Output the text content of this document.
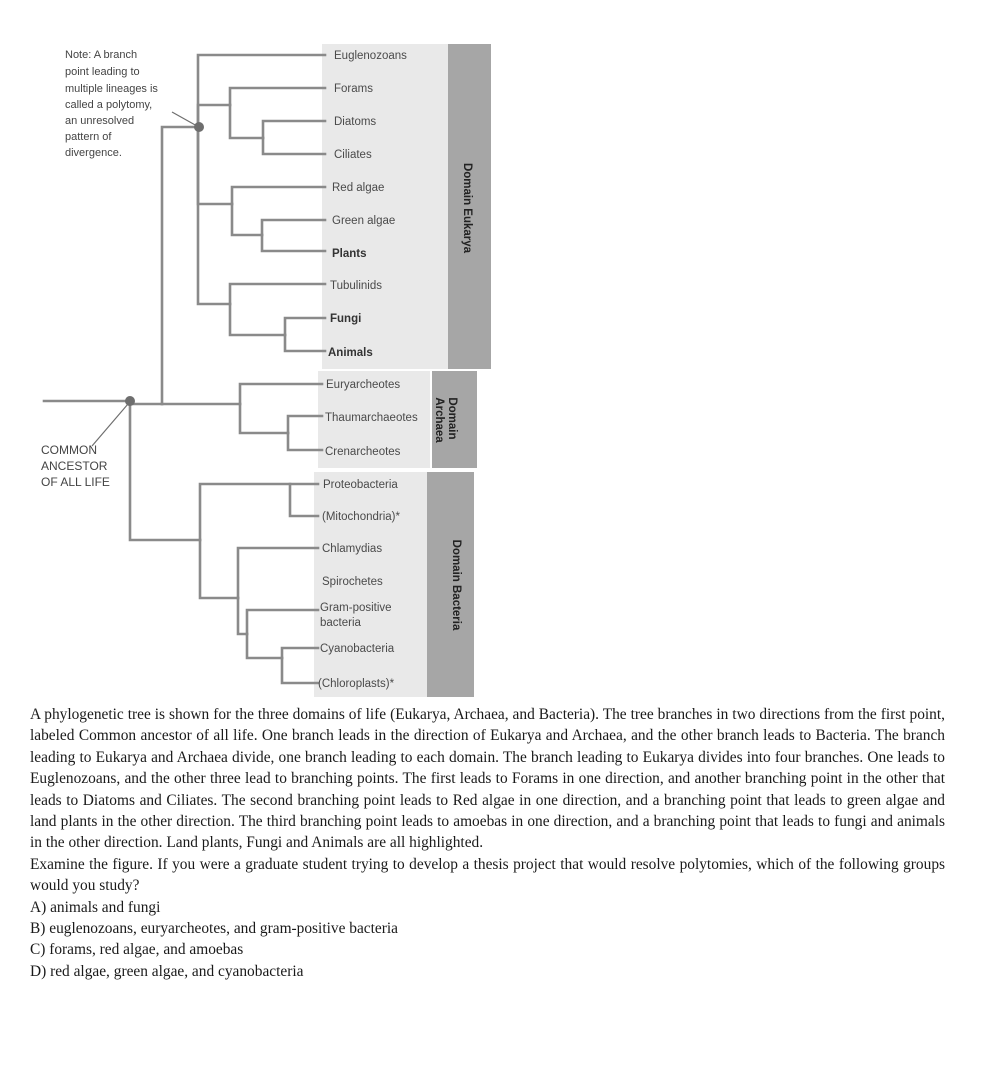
Note: A branch point leading to multiple lineages is called a polytomy, an unresolved pattern of divergence.
COMMON ANCESTOR OF ALL LIFE
Euglenozoans
Forams
Diatoms
Ciliates
Red algae
Green algae
Plants
Tubulinids
Fungi
Animals
Euryarcheotes
Thaumarchaeotes
Crenarcheotes
Proteobacteria
(Mitochondria)*
Chlamydias
Spirochetes
Gram-positive
bacteria
Cyanobacteria
(Chloroplasts)*
Domain Eukarya
Domain Archaea
Domain Bacteria

A phylogenetic tree is shown for the three domains of life (Eukarya, Archaea, and Bacteria). The tree branches in two directions from the first point, labeled Common ancestor of all life. One branch leads in the direction of Eukarya and Archaea, and the other branch leads to Bacteria. The branch leading to Eukarya and Archaea divide, one branch leading to each domain. The branch leading to Eukarya divides into four branches. One leads to Euglenozoans, and the other three lead to branching points. The first leads to Forams in one direction, and another branching point in the other that leads to Diatoms and Ciliates. The second branching point leads to Red algae in one direction, and a branching point that leads to green algae and land plants in the other direction. The third branching point leads to amoebas in one direction, and a branching point that leads to fungi and animals in the other direction. Land plants, Fungi and Animals are all highlighted.

Examine the figure. If you were a graduate student trying to develop a thesis project that would resolve polytomies, which of the following groups would you study?

A) animals and fungi
B) euglenozoans, euryarcheotes, and gram-positive bacteria
C) forams, red algae, and amoebas
D) red algae, green algae, and cyanobacteria
